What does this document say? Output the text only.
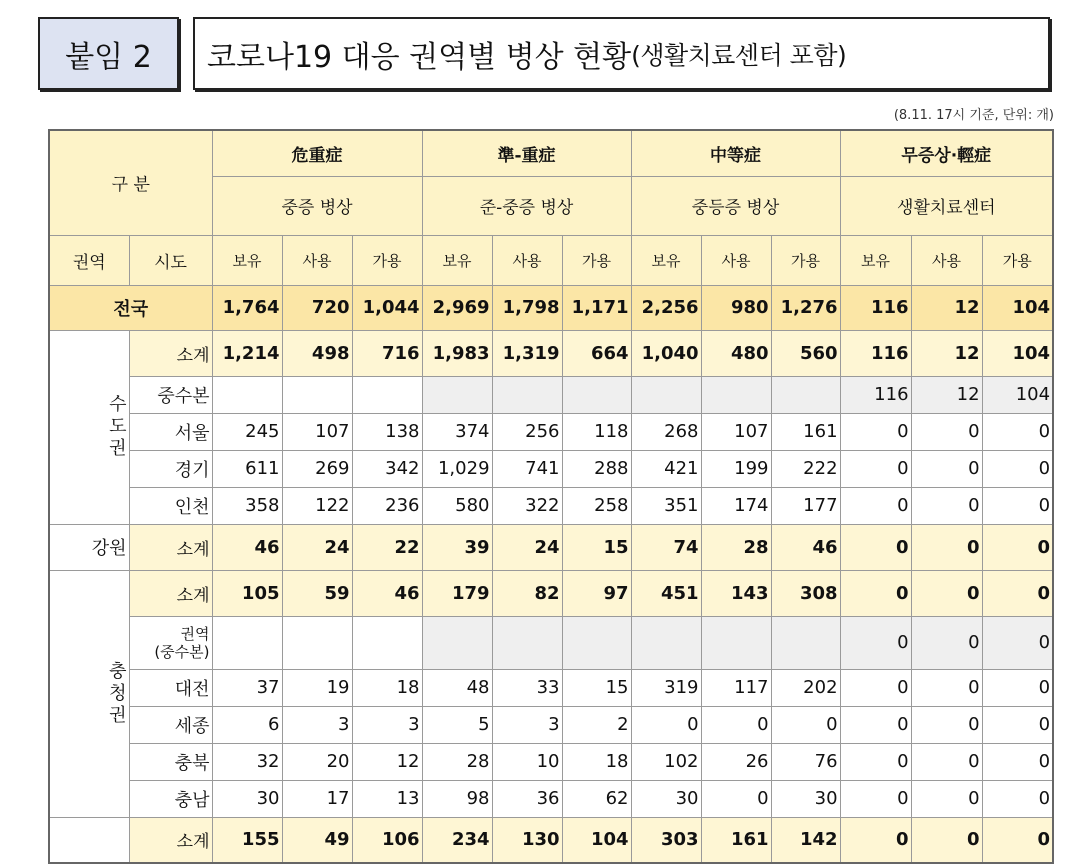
붙임 2 코로나19 대응 권역별 병상 현황 (생활치료센터 포함)
(8.11. 17시 기준, 단위: 개)
구 분		危重症			準-重症			中等症			무증상·輕症		
		중증 병상			준-중증 병상			중등증 병상			생활치료센터		
권역	시도	보유	사용	가용	보유	사용	가용	보유	사용	가용	보유	사용	가용
전국		1,764	720	1,044	2,969	1,798	1,171	2,256	980	1,276	116	12	104
수
도
권	소계	1,214	498	716	1,983	1,319	664	1,040	480	560	116	12	104
	중수본										116	12	104
	서울	245	107	138	374	256	118	268	107	161	0	0	0
	경기	611	269	342	1,029	741	288	421	199	222	0	0	0
	인천	358	122	236	580	322	258	351	174	177	0	0	0
강원	소계	46	24	22	39	24	15	74	28	46	0	0	0
충
청
권	소계	105	59	46	179	82	97	451	143	308	0	0	0
	권역
(중수본)										0	0	0
	대전	37	19	18	48	33	15	319	117	202	0	0	0
	세종	6	3	3	5	3	2	0	0	0	0	0	0
	충북	32	20	12	28	10	18	102	26	76	0	0	0
	충남	30	17	13	98	36	62	30	0	30	0	0	0
	소계	155	49	106	234	130	104	303	161	142	0	0	0
